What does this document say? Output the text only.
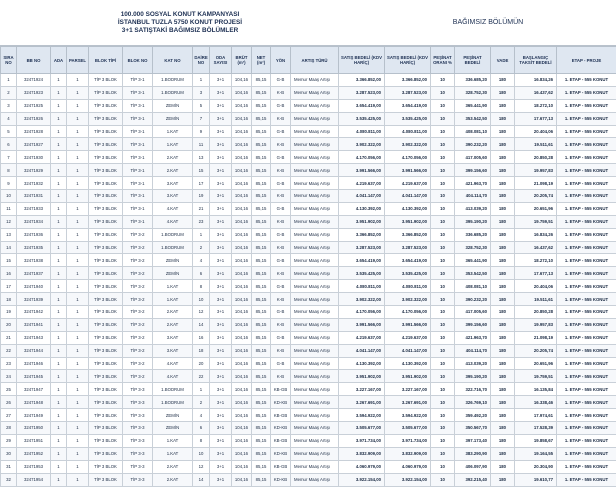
100.000 SOSYAL KONUT KAMPANYASI
İSTANBUL TUZLA 5750 KONUT PROJESİ
3+1 SATIŞTAKİ BAĞIMSIZ BÖLÜMLER
BAĞIMSIZ BÖLÜMÜN
SIRA NO	BB NO	ADA	PARSEL	BLOK TİPİ	BLOK NO	KAT NO	DAİRE NO	ODA SAYISI	BRÜT (m²)	NET (m²)	YÖN	ARTIŞ TÜRÜ	SATIŞ BEDELİ (KDV HARİÇ)	SATIŞ BEDELİ (KDV HARİÇ)	PEŞİNAT ORANI %	PEŞİNAT BEDELİ	VADE	BAŞLANGIÇ TAKSİT BEDELİ	ETAP - PROJE
1	32471924	1	1	TİP 3 BLOK	TİP 3-1	1.BODRUM	1	3+1	104,16	85,15	G-B	Memur Maaş Artışı	3.366.852,00	3.366.852,00	10	336.685,20	180	16.834,26	1. ETAP - 555 KONUT
2	32471923	1	1	TİP 3 BLOK	TİP 3-1	1.BODRUM	3	3+1	104,16	85,15	K-B	Memur Maaş Artışı	3.287.523,00	3.287.523,00	10	328.752,30	180	16.437,62	1. ETAP - 555 KONUT
3	32471925	1	1	TİP 3 BLOK	TİP 3-1	ZEMİN	5	3+1	104,16	85,15	G-B	Memur Maaş Artışı	3.654.419,00	3.654.419,00	10	365.441,90	180	18.272,10	1. ETAP - 555 KONUT
4	32471926	1	1	TİP 3 BLOK	TİP 3-1	ZEMİN	7	3+1	104,16	85,15	K-B	Memur Maaş Artışı	3.535.425,00	3.535.425,00	10	353.542,50	180	17.677,13	1. ETAP - 555 KONUT
5	32471928	1	1	TİP 3 BLOK	TİP 3-1	1.KAT	9	3+1	104,16	85,15	G-B	Memur Maaş Artışı	4.080.811,00	4.080.811,00	10	408.081,10	180	20.404,06	1. ETAP - 555 KONUT
6	32471927	1	1	TİP 3 BLOK	TİP 3-1	1.KAT	11	3+1	104,16	85,15	K-B	Memur Maaş Artışı	3.902.322,00	3.902.322,00	10	390.232,20	180	19.511,61	1. ETAP - 555 KONUT
7	32471930	1	1	TİP 3 BLOK	TİP 3-1	2.KAT	13	3+1	104,16	85,15	G-B	Memur Maaş Artışı	4.170.056,00	4.170.056,00	10	417.005,60	180	20.850,28	1. ETAP - 555 KONUT
8	32471929	1	1	TİP 3 BLOK	TİP 3-1	2.KAT	15	3+1	104,16	85,15	K-B	Memur Maaş Artışı	3.991.566,00	3.991.566,00	10	399.156,60	180	19.957,83	1. ETAP - 555 KONUT
9	32471932	1	1	TİP 3 BLOK	TİP 3-1	3.KAT	17	3+1	104,16	85,15	G-B	Memur Maaş Artışı	4.219.637,00	4.219.637,00	10	421.963,70	180	21.098,19	1. ETAP - 555 KONUT
10	32471931	1	1	TİP 3 BLOK	TİP 3-1	3.KAT	19	3+1	104,16	85,15	K-B	Memur Maaş Artışı	4.041.147,00	4.041.147,00	10	404.114,70	180	20.205,74	1. ETAP - 555 KONUT
11	32471933	1	1	TİP 3 BLOK	TİP 3-1	4.KAT	21	3+1	104,16	85,15	G-B	Memur Maaş Artışı	4.130.392,00	4.130.392,00	10	413.039,20	180	20.651,96	1. ETAP - 555 KONUT
12	32471934	1	1	TİP 3 BLOK	TİP 3-1	4.KAT	23	3+1	104,16	85,15	K-B	Memur Maaş Artışı	3.951.902,00	3.951.902,00	10	395.190,20	180	19.759,51	1. ETAP - 555 KONUT
13	32471936	1	1	TİP 3 BLOK	TİP 3-2	1.BODRUM	1	3+1	104,16	85,15	G-B	Memur Maaş Artışı	3.366.852,00	3.366.852,00	10	336.685,20	180	16.834,26	1. ETAP - 555 KONUT
14	32471935	1	1	TİP 3 BLOK	TİP 3-2	1.BODRUM	2	3+1	104,16	85,15	K-B	Memur Maaş Artışı	3.287.523,00	3.287.523,00	10	328.752,30	180	16.437,62	1. ETAP - 555 KONUT
15	32471938	1	1	TİP 3 BLOK	TİP 3-2	ZEMİN	4	3+1	104,16	85,15	G-B	Memur Maaş Artışı	3.654.419,00	3.654.419,00	10	365.441,90	180	18.272,10	1. ETAP - 555 KONUT
16	32471937	1	1	TİP 3 BLOK	TİP 3-2	ZEMİN	6	3+1	104,16	85,15	K-B	Memur Maaş Artışı	3.535.425,00	3.535.425,00	10	353.542,50	180	17.677,13	1. ETAP - 555 KONUT
17	32471940	1	1	TİP 3 BLOK	TİP 3-2	1.KAT	8	3+1	104,16	85,15	G-B	Memur Maaş Artışı	4.080.811,00	4.080.811,00	10	408.081,10	180	20.404,06	1. ETAP - 555 KONUT
18	32471939	1	1	TİP 3 BLOK	TİP 3-2	1.KAT	10	3+1	104,16	85,15	K-B	Memur Maaş Artışı	3.902.322,00	3.902.322,00	10	390.232,20	180	19.511,61	1. ETAP - 555 KONUT
19	32471942	1	1	TİP 3 BLOK	TİP 3-2	2.KAT	12	3+1	104,16	85,15	G-B	Memur Maaş Artışı	4.170.056,00	4.170.056,00	10	417.005,60	180	20.850,28	1. ETAP - 555 KONUT
20	32471941	1	1	TİP 3 BLOK	TİP 3-2	2.KAT	14	3+1	104,16	85,15	K-B	Memur Maaş Artışı	3.991.566,00	3.991.566,00	10	399.156,60	180	19.957,83	1. ETAP - 555 KONUT
21	32471943	1	1	TİP 3 BLOK	TİP 3-2	3.KAT	16	3+1	104,16	85,15	G-B	Memur Maaş Artışı	4.219.637,00	4.219.637,00	10	421.963,70	180	21.098,19	1. ETAP - 555 KONUT
22	32471944	1	1	TİP 3 BLOK	TİP 3-2	3.KAT	18	3+1	104,16	85,15	K-B	Memur Maaş Artışı	4.041.147,00	4.041.147,00	10	404.114,70	180	20.205,74	1. ETAP - 555 KONUT
23	32471946	1	1	TİP 3 BLOK	TİP 3-2	4.KAT	20	3+1	104,16	85,15	G-B	Memur Maaş Artışı	4.130.392,00	4.130.392,00	10	413.039,20	180	20.651,96	1. ETAP - 555 KONUT
24	32471945	1	1	TİP 3 BLOK	TİP 3-2	4.KAT	22	3+1	104,16	85,15	K-B	Memur Maaş Artışı	3.951.902,00	3.951.902,00	10	395.190,20	180	19.759,51	1. ETAP - 555 KONUT
25	32471947	1	1	TİP 3 BLOK	TİP 3-3	1.BODRUM	1	3+1	104,16	85,15	KB-GB	Memur Maaş Artışı	3.227.167,00	3.227.167,00	10	322.716,70	180	16.135,84	1. ETAP - 555 KONUT
26	32471948	1	1	TİP 3 BLOK	TİP 3-3	1.BODRUM	2	3+1	104,16	85,15	KD-KB	Memur Maaş Artışı	3.267.691,00	3.267.691,00	10	326.769,10	180	16.338,46	1. ETAP - 555 KONUT
27	32471949	1	1	TİP 3 BLOK	TİP 3-3	ZEMİN	4	3+1	104,16	85,15	KB-GB	Memur Maaş Artışı	3.594.922,00	3.594.922,00	10	359.492,20	180	17.974,61	1. ETAP - 555 KONUT
28	32471950	1	1	TİP 3 BLOK	TİP 3-3	ZEMİN	6	3+1	104,16	85,15	KD-KB	Memur Maaş Artışı	3.505.677,00	3.505.677,00	10	350.567,70	180	17.528,39	1. ETAP - 555 KONUT
29	32471951	1	1	TİP 3 BLOK	TİP 3-3	1.KAT	8	3+1	104,16	85,15	KB-GB	Memur Maaş Artışı	3.971.734,00	3.971.734,00	10	397.173,40	180	19.858,67	1. ETAP - 555 KONUT
30	32471952	1	1	TİP 3 BLOK	TİP 3-3	1.KAT	10	3+1	104,16	85,15	KD-KB	Memur Maaş Artışı	3.832.909,00	3.832.909,00	10	383.290,90	180	19.164,55	1. ETAP - 555 KONUT
31	32471953	1	1	TİP 3 BLOK	TİP 3-3	2.KAT	12	3+1	104,16	85,15	KB-GB	Memur Maaş Artışı	4.060.979,00	4.060.979,00	10	406.097,90	180	20.304,90	1. ETAP - 555 KONUT
32	32471954	1	1	TİP 3 BLOK	TİP 3-3	2.KAT	14	3+1	104,16	85,15	KD-KB	Memur Maaş Artışı	3.922.154,00	3.922.154,00	10	392.215,40	180	19.610,77	1. ETAP - 555 KONUT
